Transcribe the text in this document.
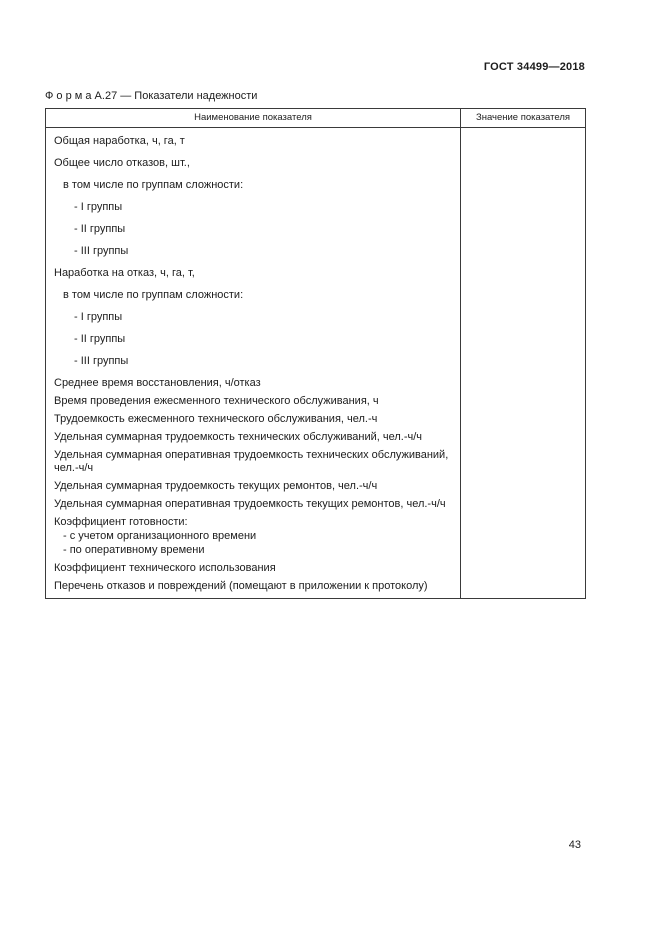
ГОСТ 34499—2018
Ф о р м а А.27 — Показатели надежности
Наименование показателя	Значение показателя

Общая наработка, ч, га, т
Общее число отказов, шт.,
в том числе по группам сложности:
- I группы
- II группы
- III группы
Наработка на отказ, ч, га, т,
в том числе по группам сложности:
- I группы
- II группы
- III группы
Среднее время восстановления, ч/отказ
Время проведения ежесменного технического обслуживания, ч
Трудоемкость ежесменного технического обслуживания, чел.-ч
Удельная суммарная трудоемкость технических обслуживаний, чел.-ч/ч
Удельная суммарная оперативная трудоемкость технических обслуживаний, чел.-ч/ч
Удельная суммарная трудоемкость текущих ремонтов, чел.-ч/ч
Удельная суммарная оперативная трудоемкость текущих ремонтов, чел.-ч/ч
Коэффициент готовности:
- с учетом организационного времени
- по оперативному времени
Коэффициент технического использования
Перечень отказов и повреждений (помещают в приложении к протоколу)

43
